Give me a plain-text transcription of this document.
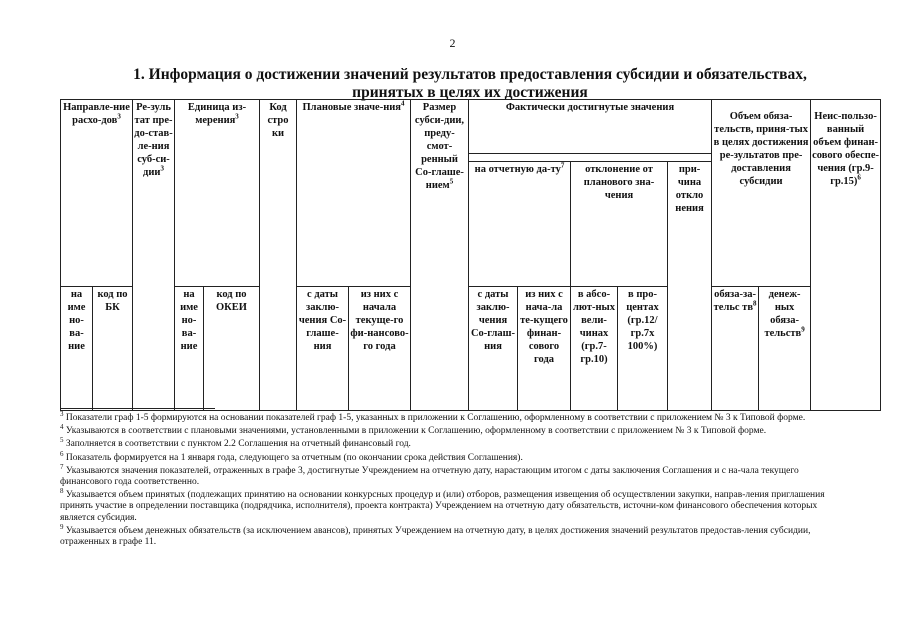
2
1. Информация о достижении значений результатов предоставления субсидии и обязательствах, принятых в целях их достижения
Направле-ние расхо-дов$^3$		Ре-зуль тат пре-до-став-ле-ния суб-си-дии$^3$	Единица из-мерения$^3$		Код стро ки	Плановые значе-ния$^4$		Размер субси-дии, преду-смот-ренный Со-глаше-нием$^5$	Фактически достигнутые значения					Объем обяза-тельств, приня-тых в целях достижения ре-зультатов пре-доставления субсидии		Неис-пользо-ванный объем финан-сового обеспе-чения $(гр.9-гр.15)^6$

									на отчетную $да-ту^7$		отклонение от планового зна-чения		при-чина откло нения			
на име но-ва-ние	код по БК		на име но-ва-ние	код по ОКЕИ		с даты заклю-чения Со-глаше-ния	из них с начала текуще-го фи-нансово-го года		с даты заклю-чения Со-глаш-ния	из них с нача-ла те-кущего финан-сового года	в абсо-лют-ных вели-чинах (гр.7-гр.10)	в про-центах (гр.12/ гр.7х 100%)		обяза-за-тельс $тв^8$	денеж-ных обяза-тельств$^9$
$^3$ Показатели граф 1-5 формируются на основании показателей граф 1-5, указанных в приложении к Соглашению, оформленному в соответствии с приложением № 3 к Типовой форме.
$^4$ Указываются в соответствии с плановыми значениями, установленными в приложении к Соглашению, оформленному в соответствии с приложением № 3 к Типовой форме.
$^5$ Заполняется в соответствии с пунктом 2.2 Соглашения на отчетный финансовый год.
$^6$ Показатель формируется на 1 января года, следующего за отчетным (по окончании срока действия Соглашения).
$^7$ Указываются значения показателей, отраженных в графе 3, достигнутые Учреждением на отчетную дату, нарастающим итогом с даты заключения Соглашения и с на-чала текущего финансового года соответственно.
$^8$ Указывается объем принятых (подлежащих принятию на основании конкурсных процедур и (или) отборов, размещения извещения об осуществлении закупки, направ-ления приглашения принять участие в определении поставщика (подрядчика, исполнителя), проекта контракта) Учреждением на отчетную дату обязательств, источни-ком финансового обеспечения которых является субсидия.
$^9$ Указывается объем денежных обязательств (за исключением авансов), принятых Учреждением на отчетную дату, в целях достижения значений результатов предостав-ления субсидии, отраженных в графе 11.
